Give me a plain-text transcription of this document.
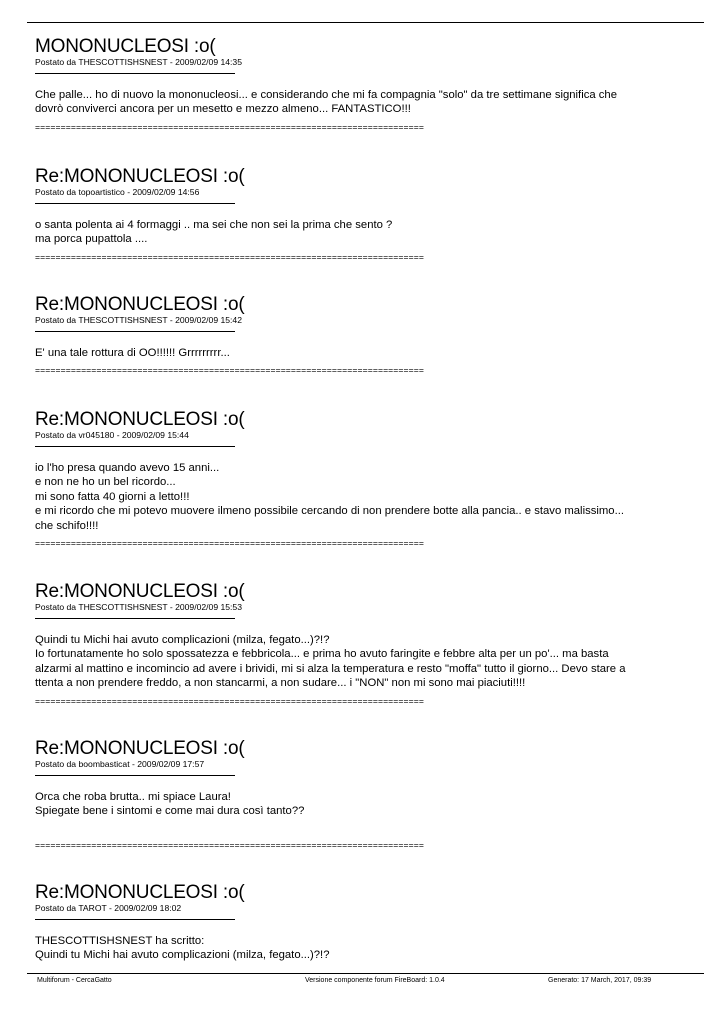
MONONUCLEOSI :o(
Postato da THESCOTTISHSNEST - 2009/02/09 14:35
Che palle... ho di nuovo la mononucleosi... e considerando che mi fa compagnia "solo" da tre settimane significa che
dovrò conviverci ancora per un mesetto e mezzo almeno... FANTASTICO!!!
============================================================================
Re:MONONUCLEOSI :o(
Postato da topoartistico - 2009/02/09 14:56
o santa polenta ai 4 formaggi .. ma sei che non sei la prima che sento ?
ma porca pupattola ....
============================================================================
Re:MONONUCLEOSI :o(
Postato da THESCOTTISHSNEST - 2009/02/09 15:42
E' una tale rottura di OO!!!!!! Grrrrrrrrr...
============================================================================
Re:MONONUCLEOSI :o(
Postato da vr045180 - 2009/02/09 15:44
io l'ho presa quando avevo 15 anni...
e non ne ho un bel ricordo...
mi sono fatta 40 giorni a letto!!!
e mi ricordo che mi potevo muovere ilmeno possibile cercando di non prendere botte alla pancia.. e stavo malissimo...
che schifo!!!!
============================================================================
Re:MONONUCLEOSI :o(
Postato da THESCOTTISHSNEST - 2009/02/09 15:53
Quindi tu Michi hai avuto complicazioni (milza, fegato...)?!?
Io fortunatamente ho solo spossatezza e febbricola... e prima ho avuto faringite e febbre alta per un po'... ma basta
alzarmi al mattino e incomincio ad avere i brividi, mi si alza la temperatura e resto "moffa" tutto il giorno... Devo stare a
ttenta a non prendere freddo, a non stancarmi, a non sudare... i "NON" non mi sono mai piaciuti!!!!
============================================================================
Re:MONONUCLEOSI :o(
Postato da boombasticat - 2009/02/09 17:57
Orca che roba brutta.. mi spiace Laura!
Spiegate bene i sintomi e come mai dura così tanto??
============================================================================
Re:MONONUCLEOSI :o(
Postato da TAROT - 2009/02/09 18:02
THESCOTTISHSNEST ha scritto:
Quindi tu Michi hai avuto complicazioni (milza, fegato...)?!?
Multiforum - CercaGatto	Versione componente forum FireBoard: 1.0.4	Generato: 17 March, 2017, 09:39
